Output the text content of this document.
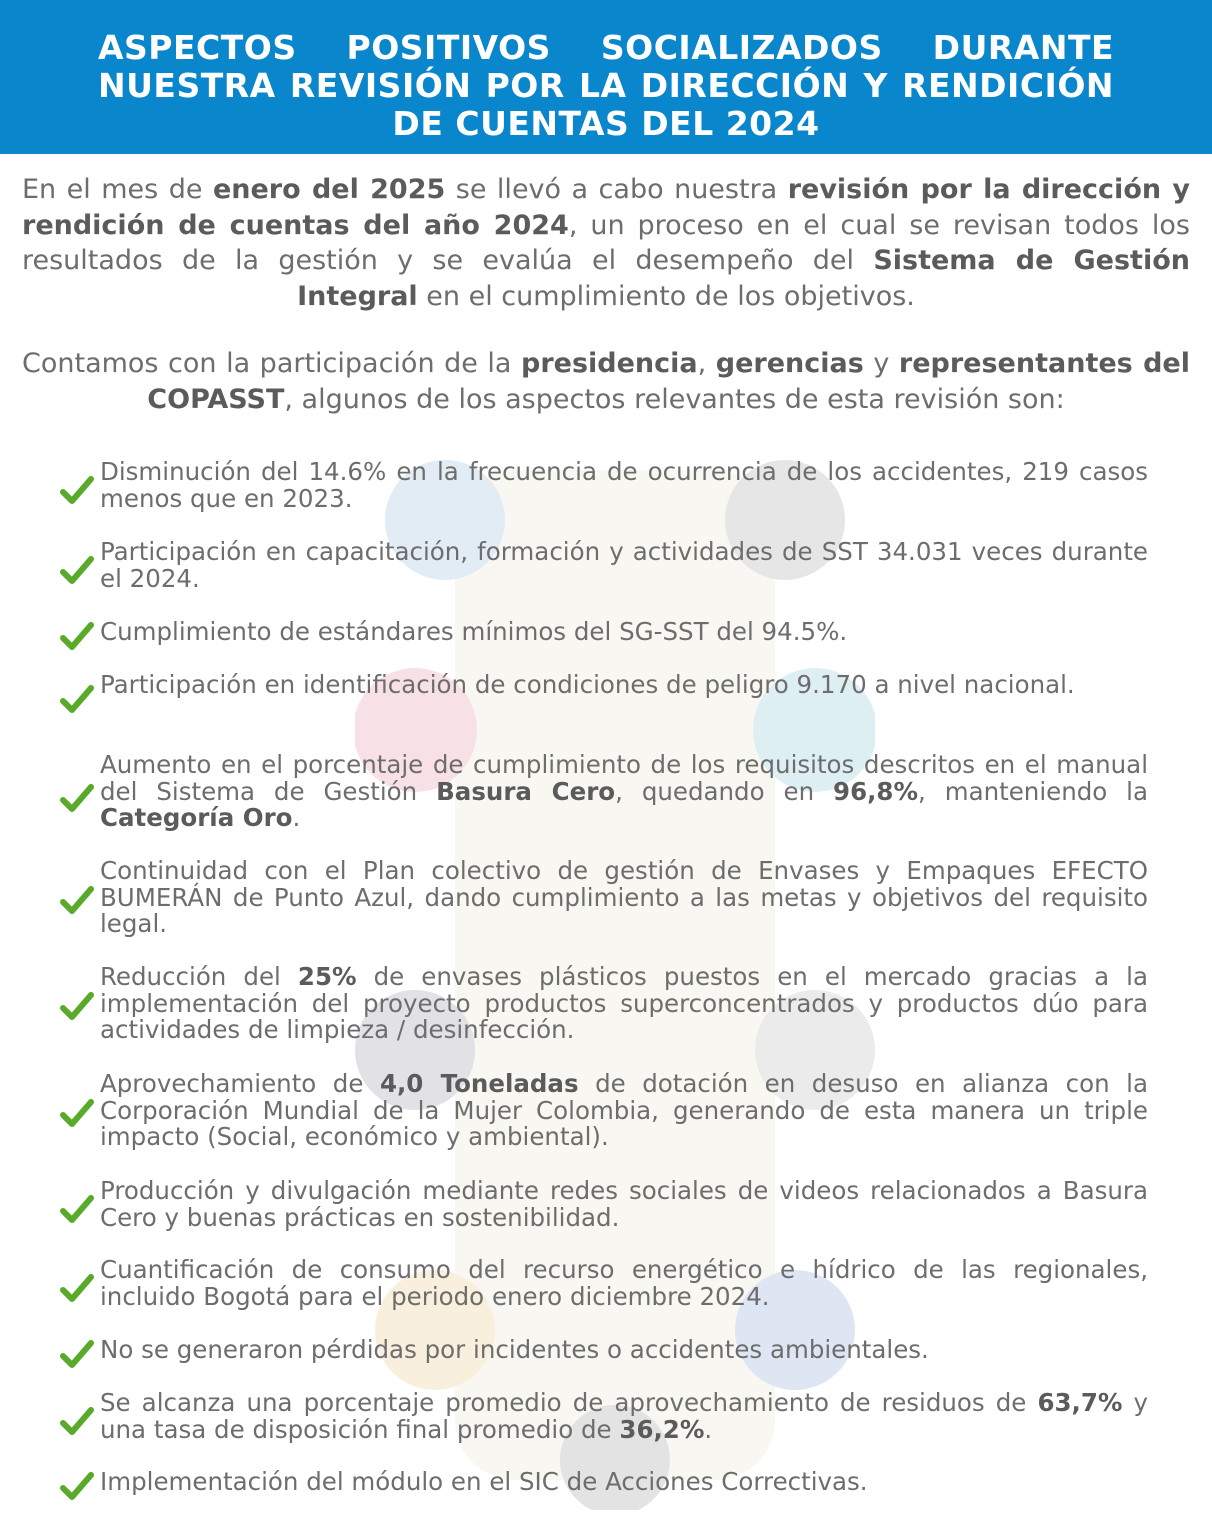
ASPECTOS POSITIVOS SOCIALIZADOS DURANTE NUESTRA REVISIÓN POR LA DIRECCIÓN Y RENDICIÓN DE CUENTAS DEL 2024

En el mes de enero del 2025 se llevó a cabo nuestra revisión por la dirección y rendición de cuentas del año 2024, un proceso en el cual se revisan todos los resultados de la gestión y se evalúa el desempeño del Sistema de Gestión Integral en el cumplimiento de los objetivos.

Contamos con la participación de la presidencia, gerencias y representantes del COPASST, algunos de los aspectos relevantes de esta revisión son:

Disminución del 14.6% en la frecuencia de ocurrencia de los accidentes, 219 casos menos que en 2023.

Participación en capacitación, formación y actividades de SST 34.031 veces durante el 2024.

Cumplimiento de estándares mínimos del SG-SST del 94.5%.

Participación en identificación de condiciones de peligro 9.170 a nivel nacional.

Aumento en el porcentaje de cumplimiento de los requisitos descritos en el manual del Sistema de Gestión Basura Cero, quedando en 96,8%, manteniendo la Categoría Oro.

Continuidad con el Plan colectivo de gestión de Envases y Empaques EFECTO BUMERÁN de Punto Azul, dando cumplimiento a las metas y objetivos del requisito legal.

Reducción del 25% de envases plásticos puestos en el mercado gracias a la implementación del proyecto productos superconcentrados y productos dúo para actividades de limpieza / desinfección.

Aprovechamiento de 4,0 Toneladas de dotación en desuso en alianza con la Corporación Mundial de la Mujer Colombia, generando de esta manera un triple impacto (Social, económico y ambiental).

Producción y divulgación mediante redes sociales de videos relacionados a Basura Cero y buenas prácticas en sostenibilidad.

Cuantificación de consumo del recurso energético e hídrico de las regionales, incluido Bogotá para el periodo enero diciembre 2024.

No se generaron pérdidas por incidentes o accidentes ambientales.

Se alcanza una porcentaje promedio de aprovechamiento de residuos de 63,7% y una tasa de disposición final promedio de 36,2%.

Implementación del módulo en el SIC de Acciones Correctivas.
